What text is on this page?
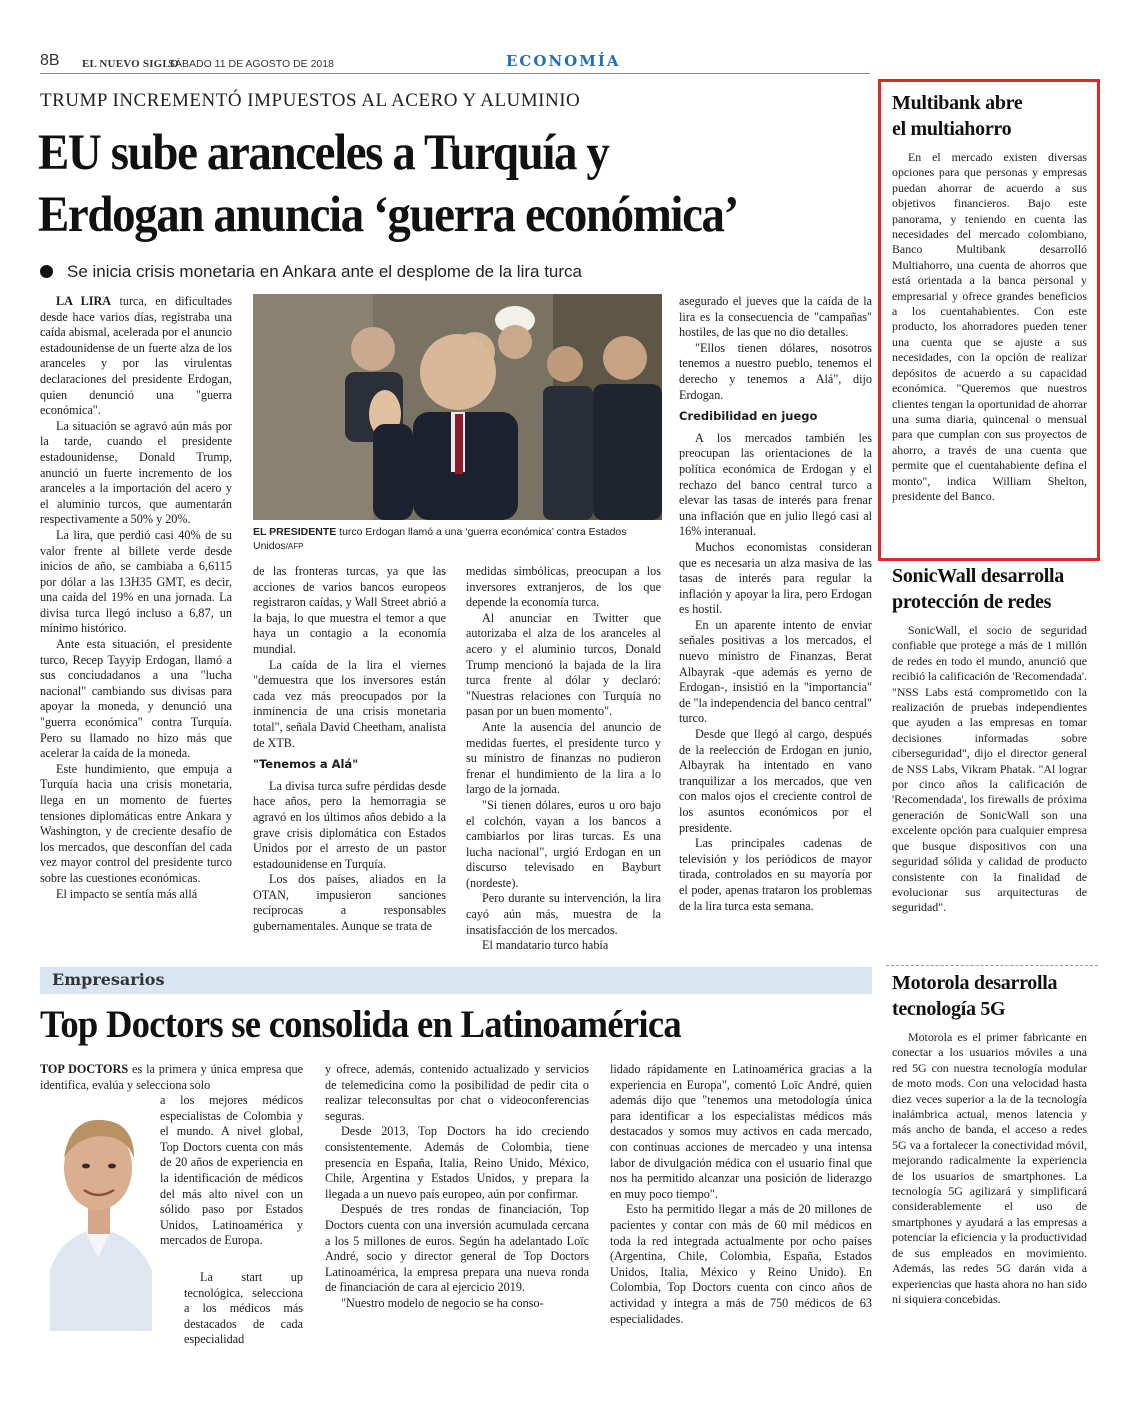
8B EL NUEVO SIGLO
SÁBADO 11 DE AGOSTO DE 2018	ECONOMÍA
TRUMP INCREMENTÓ IMPUESTOS AL ACERO Y ALUMINIO
EU sube aranceles a Turquía y
Erdogan anuncia ‘guerra económica’
Se inicia crisis monetaria en Ankara ante el desplome de la lira turca
EL PRESIDENTE turco Erdogan llamó a una ‘guerra económica’ contra Estados Unidos/AFP

LA LIRA turca, en dificultades desde hace varios días, registraba una caída abismal, acelerada por el anuncio estadounidense de un fuerte alza de los aranceles y por las virulentas declaraciones del presidente Erdogan, quien denunció una "guerra económica".

La situación se agravó aún más por la tarde, cuando el presidente estadounidense, Donald Trump, anunció un fuerte incremento de los aranceles a la importación del acero y el aluminio turcos, que aumentarán respectivamente a 50% y 20%.

La lira, que perdió casi 40% de su valor frente al billete verde desde inicios de año, se cambiaba a 6,6115 por dólar a las 13H35 GMT, es decir, una caída del 19% en una jornada. La divisa turca llegó incluso a 6,87, un mínimo histórico.

Ante esta situación, el presidente turco, Recep Tayyip Erdogan, llamó a sus conciudadanos a una "lucha nacional" cambiando sus divisas para apoyar la moneda, y denunció una "guerra económica" contra Turquía. Pero su llamado no hizo más que acelerar la caída de la moneda.

Este hundimiento, que empuja a Turquía hacia una crisis monetaria, llega en un momento de fuertes tensiones diplomáticas entre Ankara y Washington, y de creciente desafío de los mercados, que desconfían del cada vez mayor control del presidente turco sobre las cuestiones económicas.

El impacto se sentía más allá

de las fronteras turcas, ya que las acciones de varios bancos europeos registraron caídas, y Wall Street abrió a la baja, lo que muestra el temor a que haya un contagio a la economía mundial.

La caída de la lira el viernes "demuestra que los inversores están cada vez más preocupados por la inminencia de una crisis monetaria total", señala David Cheetham, analista de XTB.

"Tenemos a Alá"

La divisa turca sufre pérdidas desde hace años, pero la hemorragia se agravó en los últimos años debido a la grave crisis diplomática con Estados Unidos por el arresto de un pastor estadounidense en Turquía.

Los dos países, aliados en la OTAN, impusieron sanciones recíprocas a responsables gubernamentales. Aunque se trata de

medidas simbólicas, preocupan a los inversores extranjeros, de los que depende la economía turca.

Al anunciar en Twitter que autorizaba el alza de los aranceles al acero y el aluminio turcos, Donald Trump mencionó la bajada de la lira turca frente al dólar y declaró: "Nuestras relaciones con Turquía no pasan por un buen momento".

Ante la ausencia del anuncio de medidas fuertes, el presidente turco y su ministro de finanzas no pudieron frenar el hundimiento de la lira a lo largo de la jornada.

"Si tienen dólares, euros u oro bajo el colchón, vayan a los bancos a cambiarlos por liras turcas. Es una lucha nacional", urgió Erdogan en un discurso televisado en Bayburt (nordeste).

Pero durante su intervención, la lira cayó aún más, muestra de la insatisfacción de los mercados.

El mandatario turco había

asegurado el jueves que la caída de la lira es la consecuencia de "campañas" hostiles, de las que no dio detalles.

"Ellos tienen dólares, nosotros tenemos a nuestro pueblo, tenemos el derecho y tenemos a Alá", dijo Erdogan.

Credibilidad en juego

A los mercados también les preocupan las orientaciones de la política económica de Erdogan y el rechazo del banco central turco a elevar las tasas de interés para frenar una inflación que en julio llegó casi al 16% interanual.

Muchos economistas consideran que es necesaria un alza masiva de las tasas de interés para regular la inflación y apoyar la lira, pero Erdogan es hostil.

En un aparente intento de enviar señales positivas a los mercados, el nuevo ministro de Finanzas, Berat Albayrak -que además es yerno de Erdogan-, insistió en la "importancia" de "la independencia del banco central" turco.

Desde que llegó al cargo, después de la reelección de Erdogan en junio, Albayrak ha intentado en vano tranquilizar a los mercados, que ven con malos ojos el creciente control de los asuntos económicos por el presidente.

Las principales cadenas de televisión y los periódicos de mayor tirada, controlados en su mayoría por el poder, apenas trataron los problemas de la lira turca esta semana.

Empresarios
Top Doctors se consolida en Latinoamérica

TOP DOCTORS es la primera y única empresa que identifica, evalúa y selecciona solo

a los mejores médicos especialistas de Colombia y el mundo. A nivel global, Top Doctors cuenta con más de 20 años de experiencia en la identificación de médicos del más alto nivel con un sólido paso por Estados Unidos, Latinoamérica y mercados de Europa.

La start up tecnológica, selecciona a los médicos más destacados de cada especialidad

y ofrece, además, contenido actualizado y servicios de telemedicina como la posibilidad de pedir cita o realizar teleconsultas por chat o videoconferencias seguras.

Desde 2013, Top Doctors ha ido creciendo consistentemente. Además de Colombia, tiene presencia en España, Italia, Reino Unido, México, Chile, Argentina y Estados Unidos, y prepara la llegada a un nuevo país europeo, aún por confirmar.

Después de tres rondas de financiación, Top Doctors cuenta con una inversión acumulada cercana a los 5 millones de euros. Según ha adelantado Loïc André, socio y director general de Top Doctors Latinoamérica, la empresa prepara una nueva ronda de financiación de cara al ejercicio 2019.

"Nuestro modelo de negocio se ha conso-

lidado rápidamente en Latinoamérica gracias a la experiencia en Europa", comentó Loïc André, quien además dijo que "tenemos una metodología única para identificar a los especialistas médicos más destacados y somos muy activos en cada mercado, con continuas acciones de mercadeo y una intensa labor de divulgación médica con el usuario final que nos ha permitido alcanzar una posición de liderazgo en muy poco tiempo".

Esto ha permitido llegar a más de 20 millones de pacientes y contar con más de 60 mil médicos en toda la red integrada actualmente por ocho países (Argentina, Chile, Colombia, España, Estados Unidos, Italia, México y Reino Unido). En Colombia, Top Doctors cuenta con cinco años de actividad y integra a más de 750 médicos de 63 especialidades.

Multibank abre
el multiahorro

En el mercado existen diversas opciones para que personas y empresas puedan ahorrar de acuerdo a sus objetivos financieros. Bajo este panorama, y teniendo en cuenta las necesidades del mercado colombiano, Banco Multibank desarrolló Multiahorro, una cuenta de ahorros que está orientada a la banca personal y empresarial y ofrece grandes beneficios a los cuentahabientes. Con este producto, los ahorradores pueden tener una cuenta que se ajuste a sus necesidades, con la opción de realizar depósitos de acuerdo a su capacidad económica. "Queremos que nuestros clientes tengan la oportunidad de ahorrar una suma diaria, quincenal o mensual para que cumplan con sus proyectos de ahorro, a través de una cuenta que permite que el cuentahabiente defina el monto", indica William Shelton, presidente del Banco.

SonicWall desarrolla
protección de redes

SonicWall, el socio de seguridad confiable que protege a más de 1 millón de redes en todo el mundo, anunció que recibió la calificación de 'Recomendada'. "NSS Labs está comprometido con la realización de pruebas independientes que ayuden a las empresas en tomar decisiones informadas sobre ciberseguridad", dijo el director general de NSS Labs, Vikram Phatak. "Al lograr por cinco años la calificación de 'Recomendada', los firewalls de próxima generación de SonicWall son una excelente opción para cualquier empresa que busque dispositivos con una seguridad sólida y calidad de producto consistente con la finalidad de evolucionar sus arquitecturas de seguridad".

Motorola desarrolla
tecnología 5G

Motorola es el primer fabricante en conectar a los usuarios móviles a una red 5G con nuestra tecnología modular de moto mods. Con una velocidad hasta diez veces superior a la de la tecnología inalámbrica actual, menos latencia y más ancho de banda, el acceso a redes 5G va a fortalecer la conectividad móvil, mejorando radicalmente la experiencia de los usuarios de smartphones. La tecnología 5G agilizará y simplificará considerablemente el uso de smartphones y ayudará a las empresas a potenciar la eficiencia y la productividad de sus empleados en movimiento. Además, las redes 5G darán vida a experiencias que hasta ahora no han sido ni siquiera concebidas.
